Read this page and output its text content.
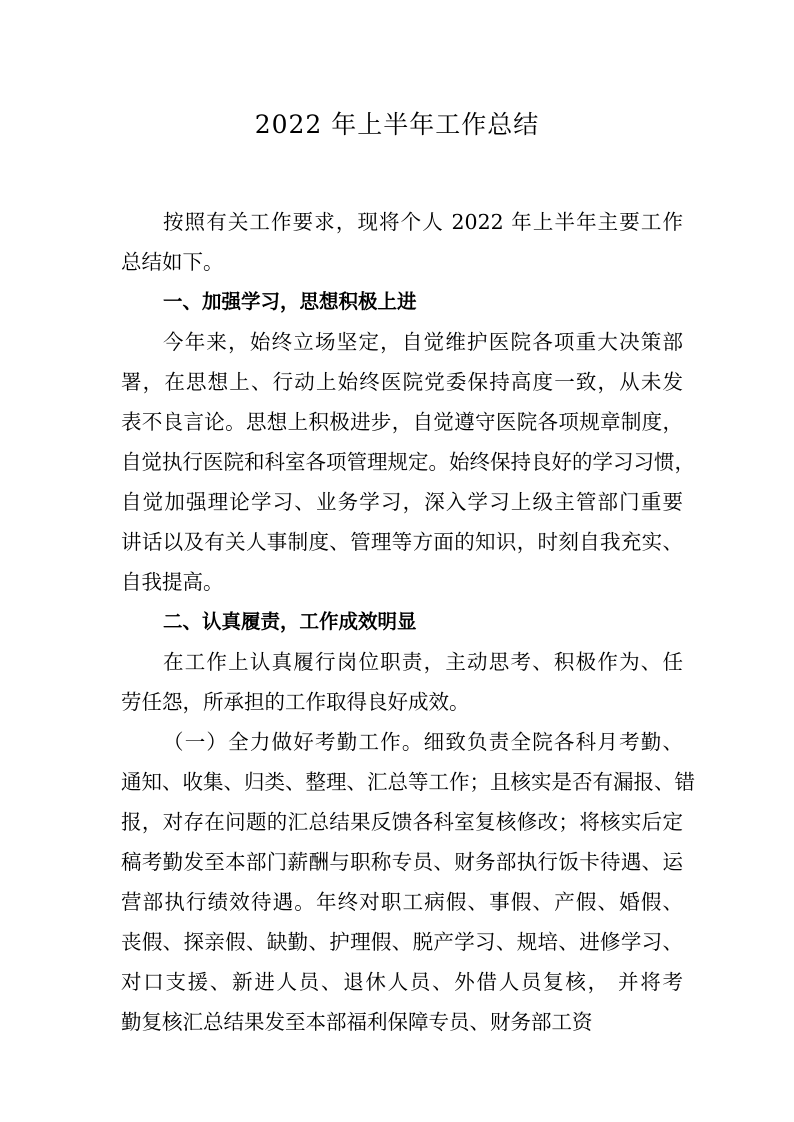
2022 年上半年工作总结
按照有关工作要求，现将个人 2022 年上半年主要工作
总结如下。
一、加强学习，思想积极上进
今年来，始终立场坚定，自觉维护医院各项重大决策部
署，在思想上、行动上始终医院党委保持高度一致，从未发
表不良言论。思想上积极进步，自觉遵守医院各项规章制度，
自觉执行医院和科室各项管理规定。始终保持良好的学习习惯，
自觉加强理论学习、业务学习，深入学习上级主管部门重要
讲话以及有关人事制度、管理等方面的知识，时刻自我充实、
自我提高。
二、认真履责，工作成效明显
在工作上认真履行岗位职责，主动思考、积极作为、任
劳任怨，所承担的工作取得良好成效。
（一）全力做好考勤工作。细致负责全院各科月考勤、
通知、收集、归类、整理、汇总等工作；且核实是否有漏报、错
报，对存在问题的汇总结果反馈各科室复核修改；将核实后定
稿考勤发至本部门薪酬与职称专员、财务部执行饭卡待遇、运
营部执行绩效待遇。年终对职工病假、事假、产假、婚假、
丧假、探亲假、缺勤、护理假、脱产学习、规培、进修学习、
对口支援、新进人员、退休人员、外借人员复核， 并将考
勤复核汇总结果发至本部福利保障专员、财务部工资
